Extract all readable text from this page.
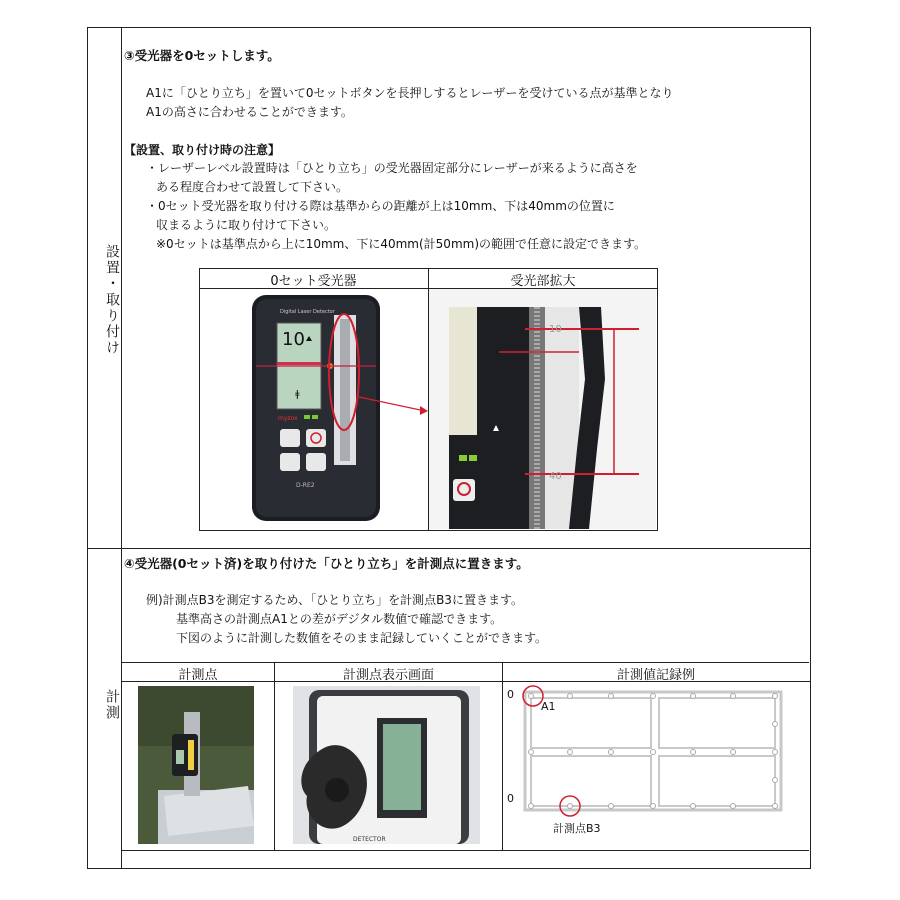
設置・取り付け
計測
③受光器を0セットします。
A1に「ひとり立ち」を置いて0セットボタンを長押しするとレーザーを受けている点が基準となり
A1の高さに合わせることができます。
【設置、取り付け時の注意】
・レーザーレベル設置時は「ひとり立ち」の受光器固定部分にレーザーが来るように高さを
ある程度合わせて設置して下さい。
・0セット受光器を取り付ける際は基準からの距離が上は10mm、下は40mmの位置に
収まるように取り付けて下さい。
※0セットは基準点から上に10mm、下に40mm(計50mm)の範囲で任意に設定できます。
0セット受光器	受光部拡大
Digital Laser Detector
10
ǂ
myzox
D-RE2
10
40
④受光器(0セット済)を取り付けた「ひとり立ち」を計測点に置きます。
例)計測点B3を測定するため、「ひとり立ち」を計測点B3に置きます。
基準高さの計測点A1との差がデジタル数値で確認できます。
下図のように計測した数値をそのまま記録していくことができます。
計測点	計測点表示画面	計測値記録例
DETECTOR
0
0
A1
計測点B3
